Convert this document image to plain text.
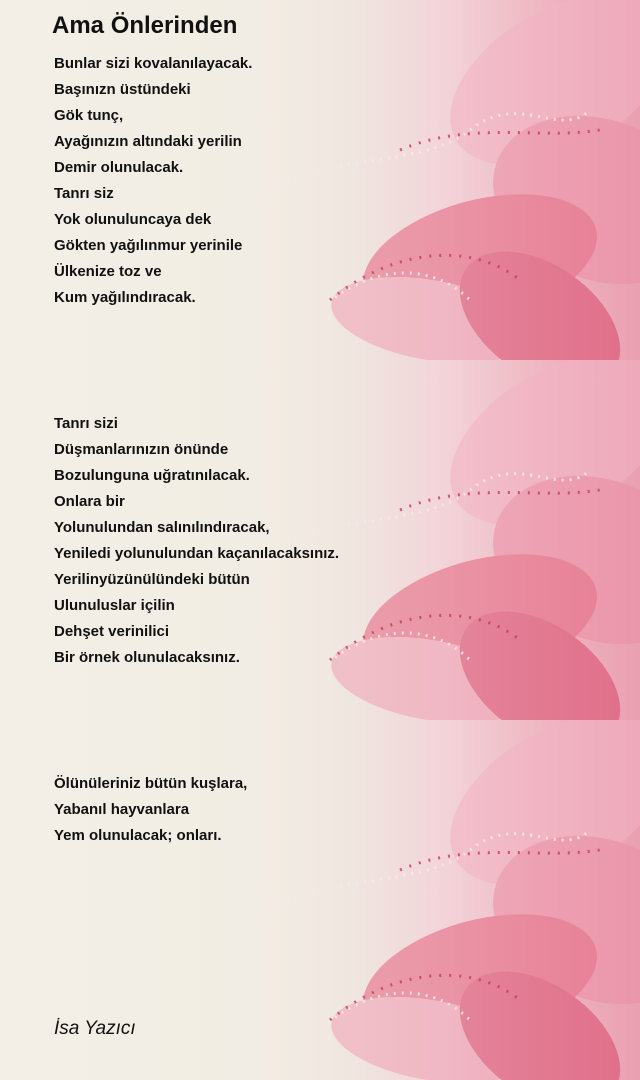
Ama Önlerinden
Bunlar sizi kovalanılayacak.
Başınızn üstündeki
Gök tunç,
Ayağınızın altındaki yerilin
Demir olunulacak.
Tanrı siz
Yok olunuluncaya dek
Gökten yağılınmur yerinile
Ülkenize toz ve
Kum yağılındıracak.
Tanrı sizi
Düşmanlarınızın önünde
Bozulunguna uğratınılacak.
Onlara bir
Yolunulundan salınılındıracak,
Yeniledi yolunulundan kaçanılacaksınız.
Yerilinyüzünülündeki bütün
Ulunuluslar içilin
Dehşet verinilici
Bir örnek olunulacaksınız.
Ölünüleriniz bütün kuşlara,
Yabanıl hayvanlara
Yem olunulacak; onları.
İsa Yazıcı
